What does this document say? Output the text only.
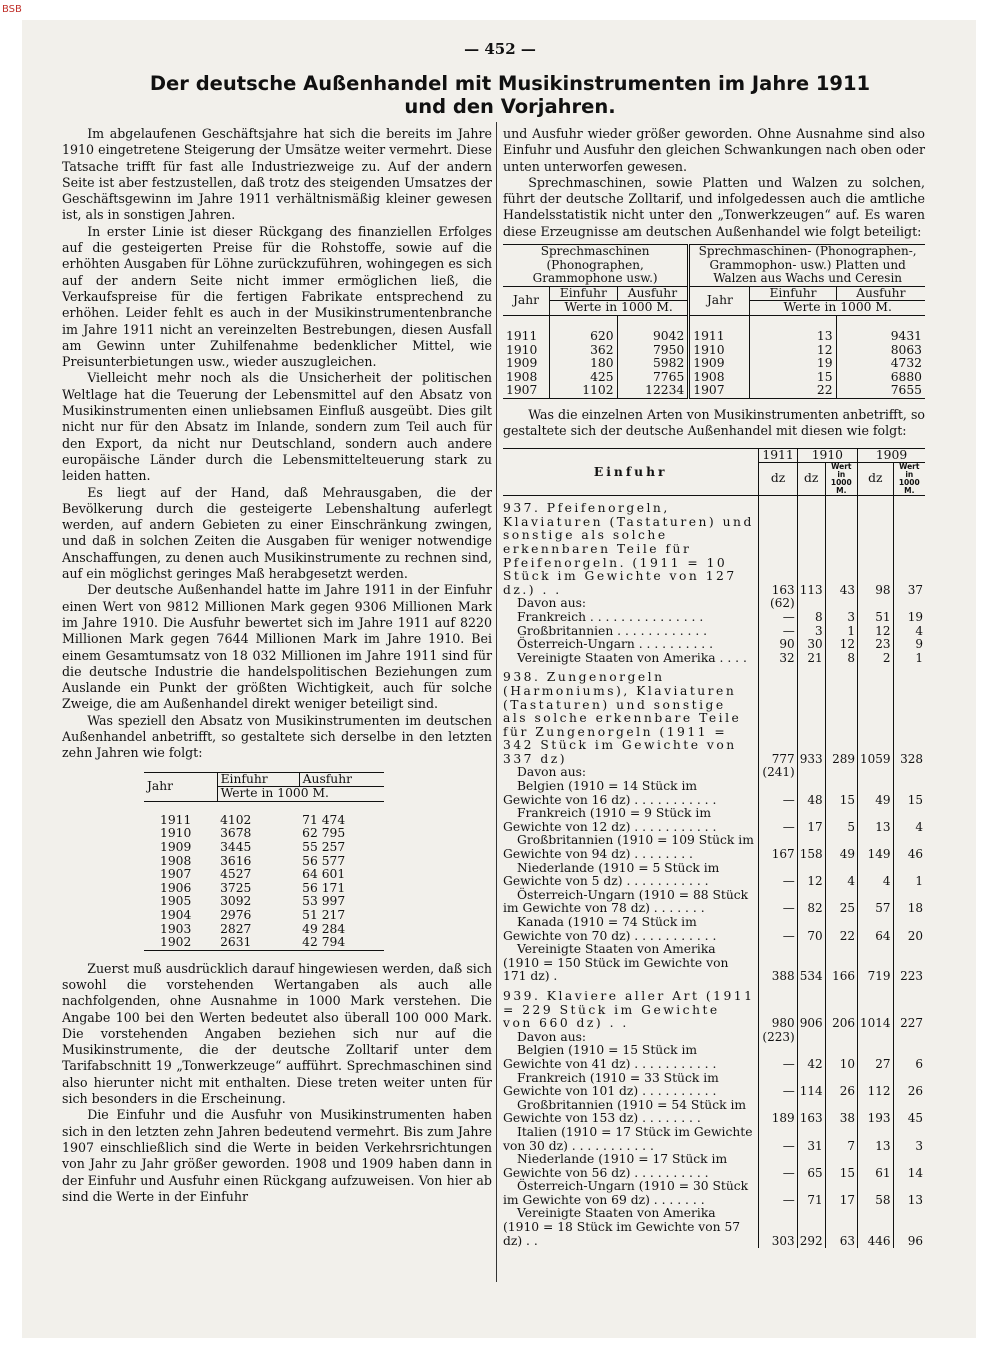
BSB
— 452 —
Der deutsche Außenhandel mit Musikinstrumenten im Jahre 1911
und den Vorjahren.

Im abgelaufenen Geschäftsjahre hat sich die bereits im Jahre 1910 eingetretene Steigerung der Umsätze weiter vermehrt. Diese Tatsache trifft für fast alle Industriezweige zu. Auf der andern Seite ist aber festzustellen, daß trotz des steigenden Umsatzes der Geschäftsgewinn im Jahre 1911 verhältnismäßig kleiner gewesen ist, als in sonstigen Jahren.

In erster Linie ist dieser Rückgang des finanziellen Erfolges auf die gesteigerten Preise für die Rohstoffe, sowie auf die erhöhten Ausgaben für Löhne zurückzuführen, wohingegen es sich auf der andern Seite nicht immer ermöglichen ließ, die Verkaufspreise für die fertigen Fabrikate entsprechend zu erhöhen. Leider fehlt es auch in der Musikinstrumentenbranche im Jahre 1911 nicht an vereinzelten Bestrebungen, diesen Ausfall am Gewinn unter Zuhilfenahme bedenklicher Mittel, wie Preisunterbietungen usw., wieder auszugleichen.

Vielleicht mehr noch als die Unsicherheit der politischen Weltlage hat die Teuerung der Lebensmittel auf den Absatz von Musikinstrumenten einen unliebsamen Einfluß ausgeübt. Dies gilt nicht nur für den Absatz im Inlande, sondern zum Teil auch für den Export, da nicht nur Deutschland, sondern auch andere europäische Länder durch die Lebensmittelteuerung stark zu leiden hatten.

Es liegt auf der Hand, daß Mehrausgaben, die der Bevölkerung durch die gesteigerte Lebenshaltung auferlegt werden, auf andern Gebieten zu einer Einschränkung zwingen, und daß in solchen Zeiten die Ausgaben für weniger notwendige Anschaffungen, zu denen auch Musikinstrumente zu rechnen sind, auf ein möglichst geringes Maß herabgesetzt werden.

Der deutsche Außenhandel hatte im Jahre 1911 in der Einfuhr einen Wert von 9812 Millionen Mark gegen 9306 Millionen Mark im Jahre 1910. Die Ausfuhr bewertet sich im Jahre 1911 auf 8220 Millionen Mark gegen 7644 Millionen Mark im Jahre 1910. Bei einem Gesamtumsatz von 18 032 Millionen im Jahre 1911 sind für die deutsche Industrie die handelspolitischen Beziehungen zum Auslande ein Punkt der größten Wichtigkeit, auch für solche Zweige, die am Außenhandel direkt weniger beteiligt sind.

Was speziell den Absatz von Musikinstrumenten im deutschen Außenhandel anbetrifft, so gestaltete sich derselbe in den letzten zehn Jahren wie folgt:

Jahr	Einfuhr	Ausfuhr
	Werte in 1000 M.	
1911	4102	71 474
1910	3678	62 795
1909	3445	55 257
1908	3616	56 577
1907	4527	64 601
1906	3725	56 171
1905	3092	53 997
1904	2976	51 217
1903	2827	49 284
1902	2631	42 794

Zuerst muß ausdrücklich darauf hingewiesen werden, daß sich sowohl die vorstehenden Wertangaben als auch alle nachfolgenden, ohne Ausnahme in 1000 Mark verstehen. Die Angabe 100 bei den Werten bedeutet also überall 100 000 Mark. Die vorstehenden Angaben beziehen sich nur auf die Musikinstrumente, die der deutsche Zolltarif unter dem Tarifabschnitt 19 „Tonwerkzeuge“ aufführt. Sprechmaschinen sind also hierunter nicht mit enthalten. Diese treten weiter unten für sich besonders in die Erscheinung.

Die Einfuhr und die Ausfuhr von Musikinstrumenten haben sich in den letzten zehn Jahren bedeutend vermehrt. Bis zum Jahre 1907 einschließlich sind die Werte in beiden Verkehrsrichtungen von Jahr zu Jahr größer geworden. 1908 und 1909 haben dann in der Einfuhr und Ausfuhr einen Rückgang aufzuweisen. Von hier ab sind die Werte in der Einfuhr

und Ausfuhr wieder größer geworden. Ohne Ausnahme sind also Einfuhr und Ausfuhr den gleichen Schwankungen nach oben oder unten unterworfen gewesen.

Sprechmaschinen, sowie Platten und Walzen zu solchen, führt der deutsche Zolltarif, und infolgedessen auch die amtliche Handelsstatistik nicht unter den „Tonwerkzeugen“ auf. Es waren diese Erzeugnisse am deutschen Außenhandel wie folgt beteiligt:

Sprechmaschinen (Phonographen, Grammophone usw.)			Sprechmaschinen- (Phonographen-, Grammophon- usw.) Platten und Walzen aus Wachs und Ceresin		
Jahr	Einfuhr	Ausfuhr	Jahr	Einfuhr	Ausfuhr
	Werte in 1000 M.			Werte in 1000 M.	
1911	620	9042	1911	13	9431
1910	362	7950	1910	12	8063
1909	180	5982	1909	19	4732
1908	425	7765	1908	15	6880
1907	1102	12234	1907	22	7655

Was die einzelnen Arten von Musikinstrumenten anbetrifft, so gestaltete sich der deutsche Außenhandel mit diesen wie folgt:

Einfuhr	1911	1910		1909	
	dz	dz	Wert in 1000 M.	dz	Wert in 1000 M.
937. Pfeifenorgeln, Klaviaturen (Tastaturen) und sonstige als solche erkennbaren Teile für Pfeifenorgeln. (1911 = 10 Stück im Gewichte von 127 dz.) . .	163	113	43	98	37
Davon aus:	(62)				
Frankreich . . . . . . . . . . . . . . .	—	8	3	51	19
Großbritannien . . . . . . . . . . . .	—	3	1	12	4
Österreich-Ungarn . . . . . . . . . .	90	30	12	23	9
Vereinigte Staaten von Amerika . . . .	32	21	8	2	1
938. Zungenorgeln (Harmoniums), Klaviaturen (Tastaturen) und sonstige als solche erkennbare Teile für Zungenorgeln (1911 = 342 Stück im Gewichte von 337 dz)	777	933	289	1059	328
Davon aus:	(241)				
Belgien (1910 = 14 Stück im Gewichte von 16 dz) . . . . . . . . . . .	—	48	15	49	15
Frankreich (1910 = 9 Stück im Gewichte von 12 dz) . . . . . . . . . . .	—	17	5	13	4
Großbritannien (1910 = 109 Stück im Gewichte von 94 dz) . . . . . . . .	167	158	49	149	46
Niederlande (1910 = 5 Stück im Gewichte von 5 dz) . . . . . . . . . . .	—	12	4	4	1
Österreich-Ungarn (1910 = 88 Stück im Gewichte von 78 dz) . . . . . . .	—	82	25	57	18
Kanada (1910 = 74 Stück im Gewichte von 70 dz) . . . . . . . . . . .	—	70	22	64	20
Vereinigte Staaten von Amerika (1910 = 150 Stück im Gewichte von 171 dz) .	388	534	166	719	223
939. Klaviere aller Art (1911 = 229 Stück im Gewichte von 660 dz) . .	980	906	206	1014	227
Davon aus:	(223)				
Belgien (1910 = 15 Stück im Gewichte von 41 dz) . . . . . . . . . . .	—	42	10	27	6
Frankreich (1910 = 33 Stück im Gewichte von 101 dz) . . . . . . . . . .	—	114	26	112	26
Großbritannien (1910 = 54 Stück im Gewichte von 153 dz) . . . . . . . .	189	163	38	193	45
Italien (1910 = 17 Stück im Gewichte von 30 dz) . . . . . . . . . . .	—	31	7	13	3
Niederlande (1910 = 17 Stück im Gewichte von 56 dz) . . . . . . . . . .	—	65	15	61	14
Österreich-Ungarn (1910 = 30 Stück im Gewichte von 69 dz) . . . . . . .	—	71	17	58	13
Vereinigte Staaten von Amerika (1910 = 18 Stück im Gewichte von 57 dz) . .	303	292	63	446	96
